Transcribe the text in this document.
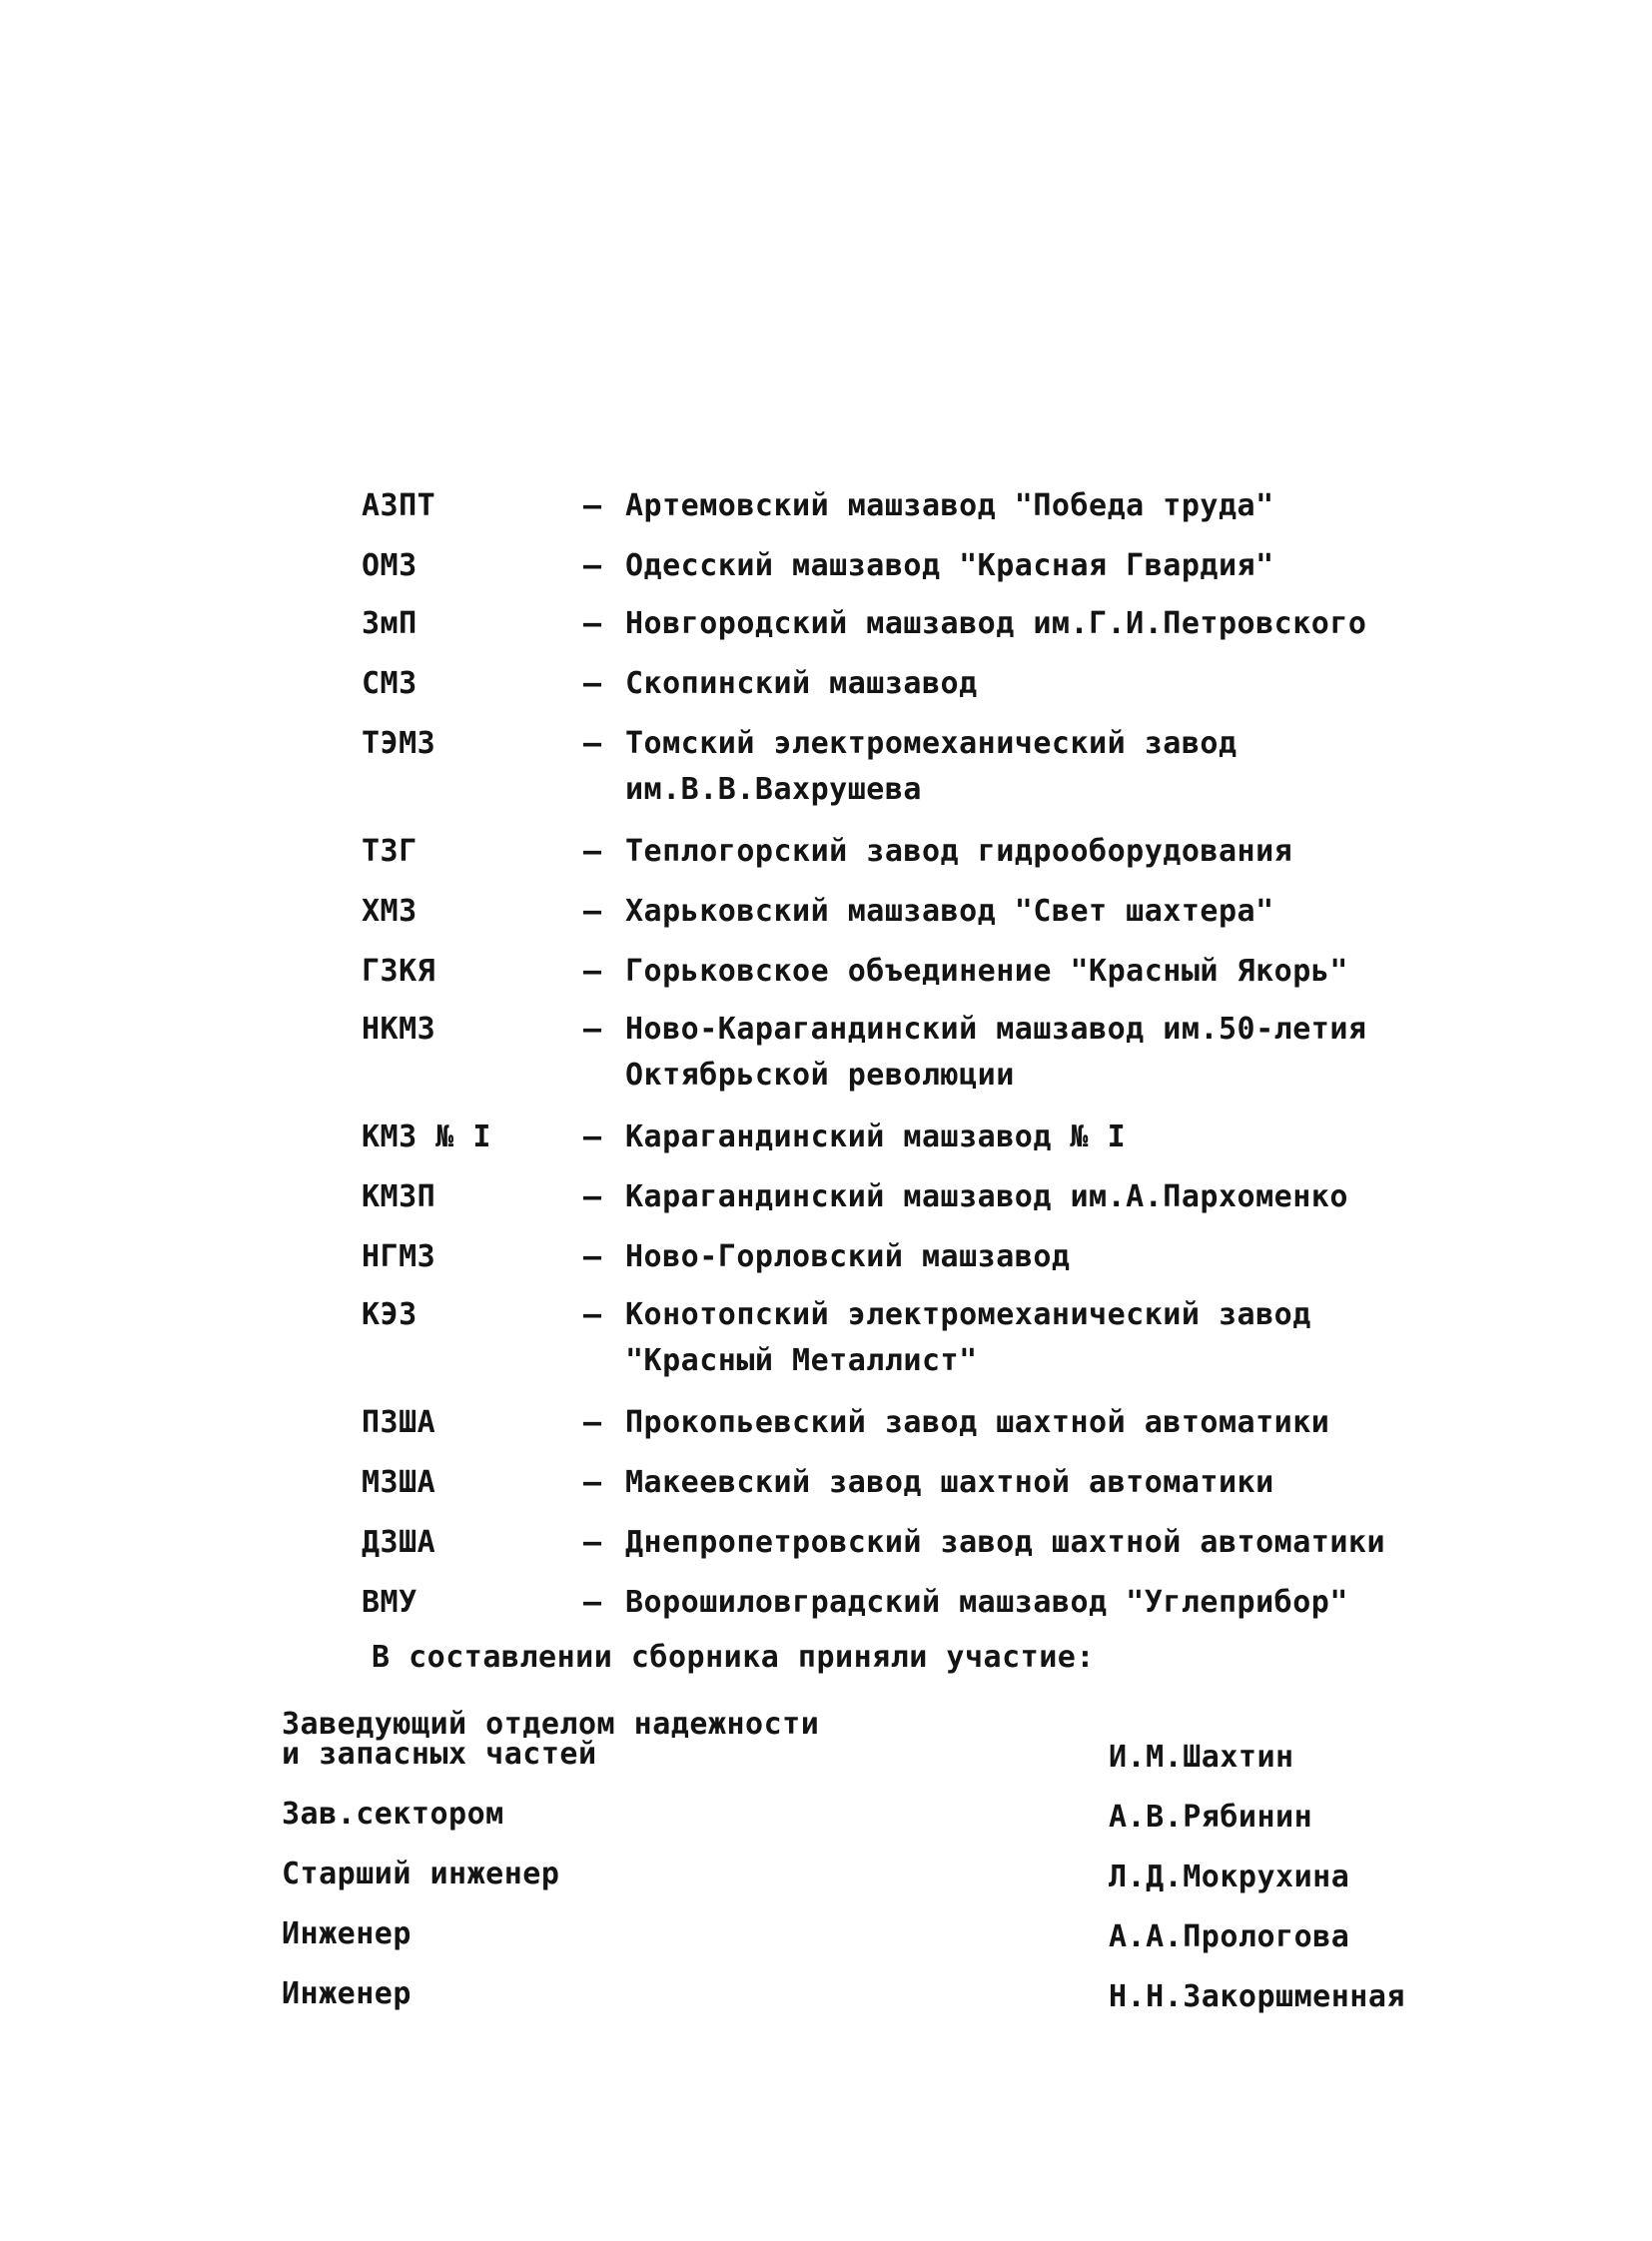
АЗПТ	– Артемовский машзавод "Победа труда"
ОМЗ	– Одесский машзавод "Красная Гвардия"
ЗмП	– Новгородский машзавод им.Г.И.Петровского
СМЗ	– Скопинский машзавод
ТЭМЗ	– Томский электромеханический завод
им.В.В.Вахрушева
ТЗГ	– Теплогорский завод гидрооборудования
ХМЗ	– Харьковский машзавод "Свет шахтера"
ГЗКЯ	– Горьковское объединение "Красный Якорь"
НКМЗ	– Ново-Карагандинский машзавод им.50-летия
Октябрьской революции
КМЗ № I	– Карагандинский машзавод № I
КМЗП	– Карагандинский машзавод им.А.Пархоменко
НГМЗ	– Ново-Горловский машзавод
КЭЗ	– Конотопский электромеханический завод
"Красный Металлист"
ПЗША	– Прокопьевский завод шахтной автоматики
МЗША	– Макеевский завод шахтной автоматики
ДЗША	– Днепропетровский завод шахтной автоматики
ВМУ	– Ворошиловградский машзавод "Углеприбор"
В составлении сборника приняли участие:
Заведующий отделом надежности
и запасных частей	И.М.Шахтин
Зав.сектором	А.В.Рябинин
Старший инженер	Л.Д.Мокрухина
Инженер	А.А.Прологова
Инженер	Н.Н.Закоршменная
